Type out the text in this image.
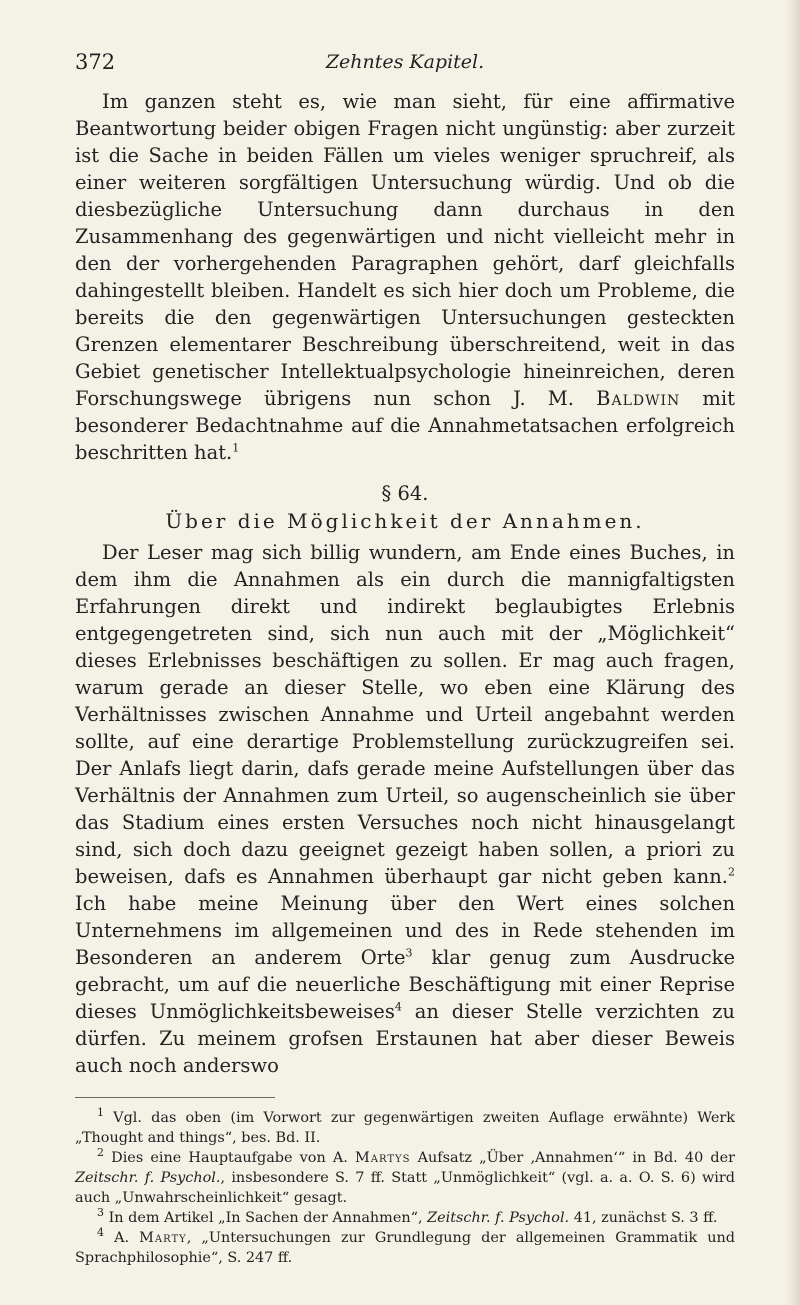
372	Zehntes Kapitel.

Im ganzen steht es, wie man sieht, für eine affirmative Beantwortung beider obigen Fragen nicht ungünstig: aber zurzeit ist die Sache in beiden Fällen um vieles weniger spruchreif, als einer weiteren sorgfältigen Untersuchung würdig. Und ob die diesbezügliche Untersuchung dann durchaus in den Zusammenhang des gegenwärtigen und nicht vielleicht mehr in den der vorhergehenden Paragraphen gehört, darf gleichfalls dahingestellt bleiben. Handelt es sich hier doch um Probleme, die bereits die den gegenwärtigen Untersuchungen gesteckten Grenzen elementarer Beschreibung überschreitend, weit in das Gebiet genetischer Intellektualpsychologie hineinreichen, deren Forschungswege übrigens nun schon J. M. Baldwin mit besonderer Bedachtnahme auf die Annahmetatsachen erfolgreich beschritten hat.$^1$

§ 64.
Über die Möglichkeit der Annahmen.

Der Leser mag sich billig wundern, am Ende eines Buches, in dem ihm die Annahmen als ein durch die mannigfaltigsten Erfahrungen direkt und indirekt beglaubigtes Erlebnis entgegengetreten sind, sich nun auch mit der „Möglichkeit“ dieses Erlebnisses beschäftigen zu sollen. Er mag auch fragen, warum gerade an dieser Stelle, wo eben eine Klärung des Verhältnisses zwischen Annahme und Urteil angebahnt werden sollte, auf eine derartige Problemstellung zurückzugreifen sei. Der Anlafs liegt darin, dafs gerade meine Aufstellungen über das Verhältnis der Annahmen zum Urteil, so augenscheinlich sie über das Stadium eines ersten Versuches noch nicht hinausgelangt sind, sich doch dazu geeignet gezeigt haben sollen, a priori zu beweisen, dafs es Annahmen überhaupt gar nicht geben kann.$^2$ Ich habe meine Meinung über den Wert eines solchen Unternehmens im allgemeinen und des in Rede stehenden im Besonderen an anderem Orte$^3$ klar genug zum Ausdrucke gebracht, um auf die neuerliche Beschäftigung mit einer Reprise dieses Unmöglichkeitsbeweises$^4$ an dieser Stelle verzichten zu dürfen. Zu meinem grofsen Erstaunen hat aber dieser Beweis auch noch anderswo

$^1$ Vgl. das oben (im Vorwort zur gegenwärtigen zweiten Auflage erwähnte) Werk „Thought and things“, bes. Bd. II.

$^2$ Dies eine Hauptaufgabe von A. Martys Aufsatz „Über ‚Annahmen‘“ in Bd. 40 der Zeitschr. f. Psychol., insbesondere S. 7 ff. Statt „Unmöglichkeit“ (vgl. a. a. O. S. 6) wird auch „Unwahrscheinlichkeit“ gesagt.

$^3$ In dem Artikel „In Sachen der Annahmen“, Zeitschr. f. Psychol. 41, zunächst S. 3 ff.

$^4$ A. Marty, „Untersuchungen zur Grundlegung der allgemeinen Grammatik und Sprachphilosophie“, S. 247 ff.
